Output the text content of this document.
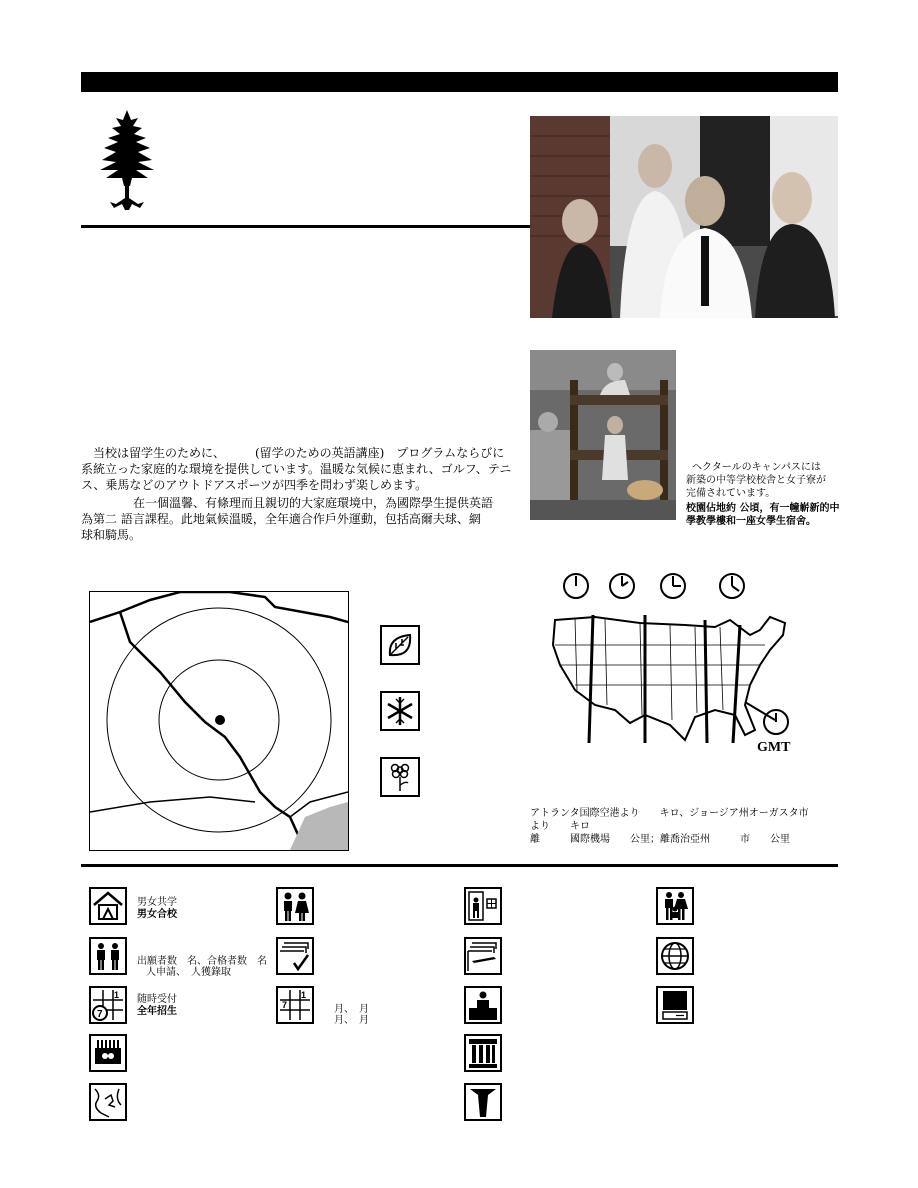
当校は留学生のために、　　　(留学のための英語講座)　プログラムならびに
系統立った家庭的な環境を提供しています。温暖な気候に恵まれ、ゴルフ、テニ
ス、乗馬などのアウトドアスポーツが四季を問わず楽しめます。
在一個溫馨、有條理而且親切的大家庭環境中，為國際學生提供英語
為第二 語言課程。此地氣候溫暖，全年適合作戶外運動，包括高爾夫球、網
球和騎馬。
ヘクタールのキャンパスには
新築の中等学校校舎と女子寮が
完備されています。
校園佔地約 公頃，有一幢嶄新的中
學教學樓和一座女學生宿舍。
GMT
アトランタ国際空港より　　キロ、ジョージア州オーガスタ市
より　　キロ
離　　　國際機場　　公里；離喬治亞州　　　市　　公里
男女共学
男女合校
出願者数　名、合格者数　名
人申請、　人獲錄取
1
7
随時受付
全年招生
1
7	月、　月
月、　月
